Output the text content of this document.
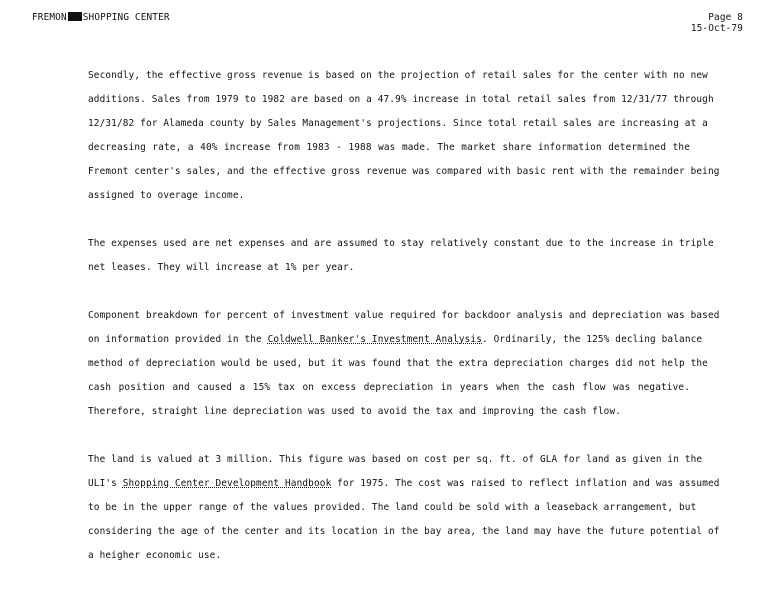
FREMON SHOPPING CENTER	Page 8
15-Oct-79
Secondly, the effective gross revenue is based on the projection of retail sales for the center with no new
additions. Sales from 1979 to 1982 are based on a 47.9% increase in total retail sales from 12/31/77 through
12/31/82 for Alameda county by Sales Management's projections. Since total retail sales are increasing at a
decreasing rate, a 40% increase from 1983 - 1988 was made. The market share information determined the
Fremont center's sales, and the effective gross revenue was compared with basic rent with the remainder being
assigned to overage income.
The expenses used are net expenses and are assumed to stay relatively constant due to the increase in triple
net leases. They will increase at 1% per year.
Component breakdown for percent of investment value required for backdoor analysis and depreciation was based
on information provided in the Coldwell Banker's Investment Analysis. Ordinarily, the 125% decling balance
method of depreciation would be used, but it was found that the extra depreciation charges did not help the
cash position and caused a 15% tax on excess depreciation in years when the cash flow was negative.
Therefore, straight line depreciation was used to avoid the tax and improving the cash flow.
The land is valued at 3 million. This figure was based on cost per sq. ft. of GLA for land as given in the
ULI's Shopping Center Development Handbook for 1975. The cost was raised to reflect inflation and was assumed
to be in the upper range of the values provided. The land could be sold with a leaseback arrangement, but
considering the age of the center and its location in the bay area, the land may have the future potential of
a heigher economic use.
